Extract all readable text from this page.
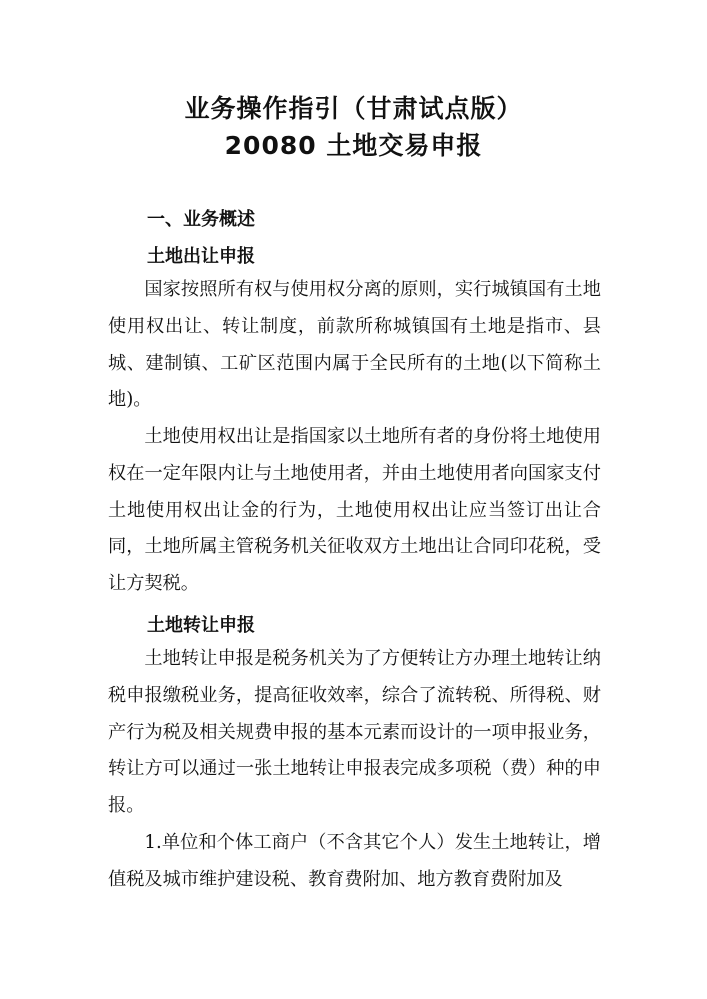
业务操作指引（甘肃试点版）
20080 土地交易申报
一、业务概述
土地出让申报

国家按照所有权与使用权分离的原则，实行城镇国有土地使用权出让、转让制度，前款所称城镇国有土地是指市、县城、建制镇、工矿区范围内属于全民所有的土地(以下简称土地)。

土地使用权出让是指国家以土地所有者的身份将土地使用权在一定年限内让与土地使用者，并由土地使用者向国家支付土地使用权出让金的行为，土地使用权出让应当签订出让合同，土地所属主管税务机关征收双方土地出让合同印花税，受让方契税。

土地转让申报

土地转让申报是税务机关为了方便转让方办理土地转让纳税申报缴税业务，提高征收效率，综合了流转税、所得税、财产行为税及相关规费申报的基本元素而设计的一项申报业务，转让方可以通过一张土地转让申报表完成多项税（费）种的申报。

1.单位和个体工商户（不含其它个人）发生土地转让，增值税及城市维护建设税、教育费附加、地方教育费附加及
